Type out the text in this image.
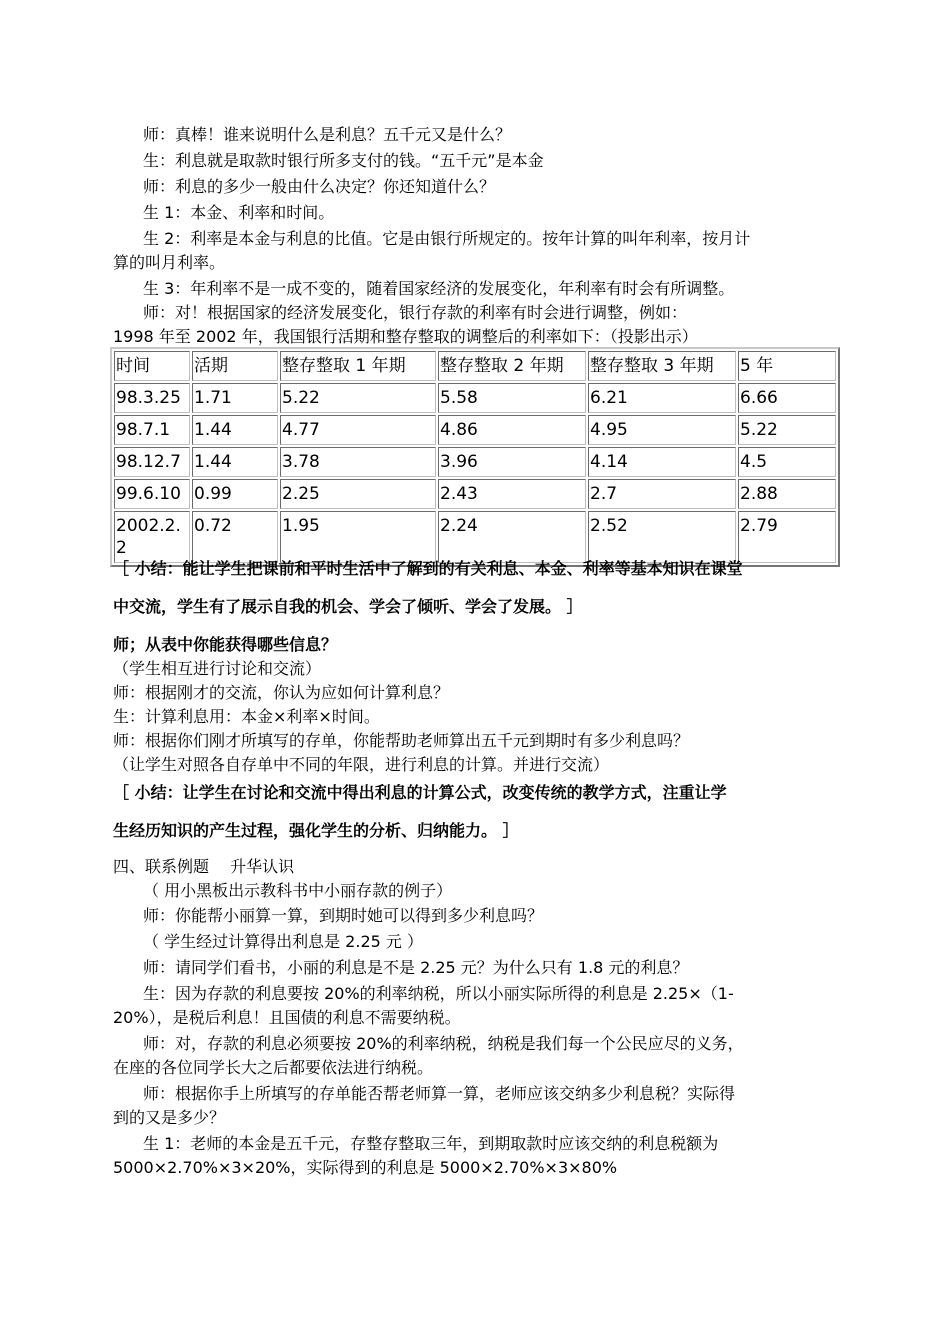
师：真棒！谁来说明什么是利息？五千元又是什么？
生：利息就是取款时银行所多支付的钱。“五千元”是本金
师：利息的多少一般由什么决定？你还知道什么？
生 1：本金、利率和时间。
生 2：利率是本金与利息的比值。它是由银行所规定的。按年计算的叫年利率，按月计
算的叫月利率。
生 3：年利率不是一成不变的，随着国家经济的发展变化，年利率有时会有所调整。
师：对！根据国家的经济发展变化，银行存款的利率有时会进行调整，例如：
1998 年至 2002 年，我国银行活期和整存整取的调整后的利率如下：（投影出示）
时间	活期	整存整取 1 年期	整存整取 2 年期	整存整取 3 年期	5 年
98.3.25	1.71	5.22	5.58	6.21	6.66
98.7.1	1.44	4.77	4.86	4.95	5.22
98.12.7	1.44	3.78	3.96	4.14	4.5
99.6.10	0.99	2.25	2.43	2.7	2.88
2002.2.2	0.72	1.95	2.24	2.52	2.79
［ 小结：能让学生把课前和平时生活中了解到的有关利息、本金、利率等基本知识在课堂
中交流，学生有了展示自我的机会、学会了倾听、学会了发展。 ］
师；从表中你能获得哪些信息？
（学生相互进行讨论和交流）
师：根据刚才的交流，你认为应如何计算利息？
生：计算利息用：本金×利率×时间。
师：根据你们刚才所填写的存单，你能帮助老师算出五千元到期时有多少利息吗？
（让学生对照各自存单中不同的年限，进行利息的计算。并进行交流）
［ 小结：让学生在讨论和交流中得出利息的计算公式，改变传统的教学方式，注重让学
生经历知识的产生过程，强化学生的分析、归纳能力。 ］
四、联系例题　 升华认识
（ 用小黑板出示教科书中小丽存款的例子）
师：你能帮小丽算一算，到期时她可以得到多少利息吗？
（ 学生经过计算得出利息是 2.25 元 ）
师：请同学们看书，小丽的利息是不是 2.25 元？为什么只有 1.8 元的利息？
生：因为存款的利息要按 20%的利率纳税，所以小丽实际所得的利息是 2.25×（1-
20%），是税后利息！且国债的利息不需要纳税。
师：对，存款的利息必须要按 20%的利率纳税，纳税是我们每一个公民应尽的义务，
在座的各位同学长大之后都要依法进行纳税。
师：根据你手上所填写的存单能否帮老师算一算，老师应该交纳多少利息税？实际得
到的又是多少？
生 1：老师的本金是五千元，存整存整取三年，到期取款时应该交纳的利息税额为
5000×2.70%×3×20%，实际得到的利息是 5000×2.70%×3×80%
